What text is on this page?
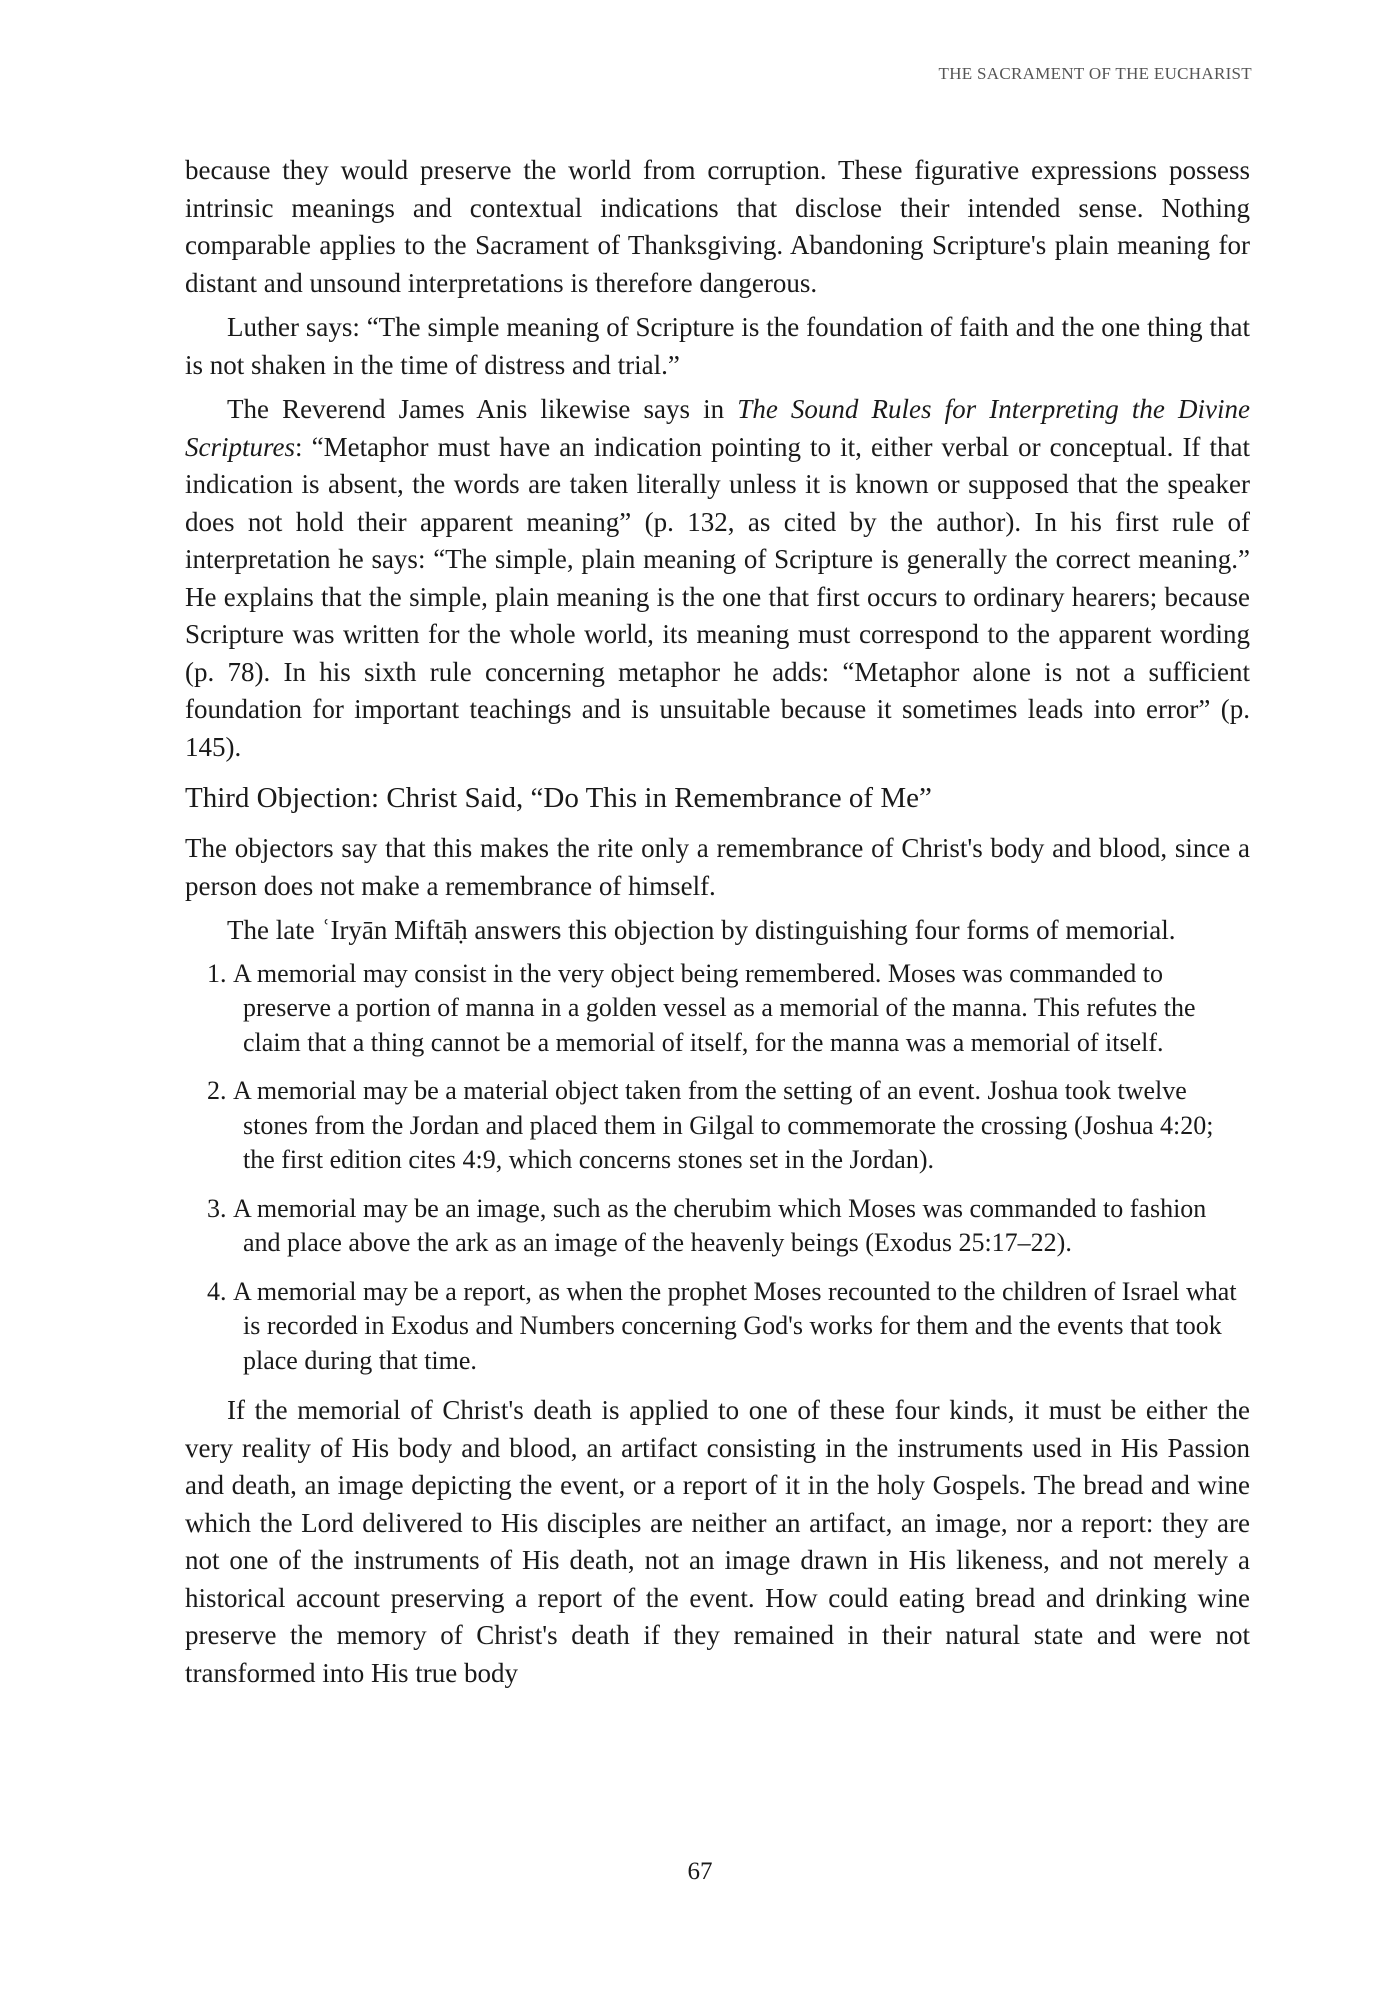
THE SACRAMENT OF THE EUCHARIST

because they would preserve the world from corruption. These figurative expressions possess intrinsic meanings and contextual indications that disclose their intended sense. Nothing comparable applies to the Sacrament of Thanksgiving. Abandoning Scripture's plain meaning for distant and unsound interpretations is therefore dangerous.

Luther says: “The simple meaning of Scripture is the foundation of faith and the one thing that is not shaken in the time of distress and trial.”

The Reverend James Anis likewise says in The Sound Rules for Interpreting the Divine Scriptures: “Metaphor must have an indication pointing to it, either verbal or conceptual. If that indication is absent, the words are taken literally unless it is known or supposed that the speaker does not hold their apparent meaning” (p. 132, as cited by the author). In his first rule of interpretation he says: “The simple, plain meaning of Scripture is generally the correct meaning.” He explains that the simple, plain meaning is the one that first occurs to ordinary hearers; because Scripture was written for the whole world, its meaning must correspond to the apparent wording (p. 78). In his sixth rule concerning metaphor he adds: “Metaphor alone is not a sufficient foundation for important teachings and is unsuitable because it sometimes leads into error” (p. 145).

Third Objection: Christ Said, “Do This in Remembrance of Me”

The objectors say that this makes the rite only a remembrance of Christ's body and blood, since a person does not make a remembrance of himself.

The late ʿIryān Miftāḥ answers this objection by distinguishing four forms of memorial.

1. A memorial may consist in the very object being remembered. Moses was commanded to preserve a portion of manna in a golden vessel as a memorial of the manna. This refutes the claim that a thing cannot be a memorial of itself, for the manna was a memorial of itself.
2. A memorial may be a material object taken from the setting of an event. Joshua took twelve stones from the Jordan and placed them in Gilgal to commemorate the crossing (Joshua 4:20; the first edition cites 4:9, which concerns stones set in the Jordan).
3. A memorial may be an image, such as the cherubim which Moses was commanded to fashion and place above the ark as an image of the heavenly beings (Exodus 25:17–22).
4. A memorial may be a report, as when the prophet Moses recounted to the children of Israel what is recorded in Exodus and Numbers concerning God's works for them and the events that took place during that time.

If the memorial of Christ's death is applied to one of these four kinds, it must be either the very reality of His body and blood, an artifact consisting in the instruments used in His Passion and death, an image depicting the event, or a report of it in the holy Gospels. The bread and wine which the Lord delivered to His disciples are neither an artifact, an image, nor a report: they are not one of the instruments of His death, not an image drawn in His likeness, and not merely a historical account preserving a report of the event. How could eating bread and drinking wine preserve the memory of Christ's death if they remained in their natural state and were not transformed into His true body

67
